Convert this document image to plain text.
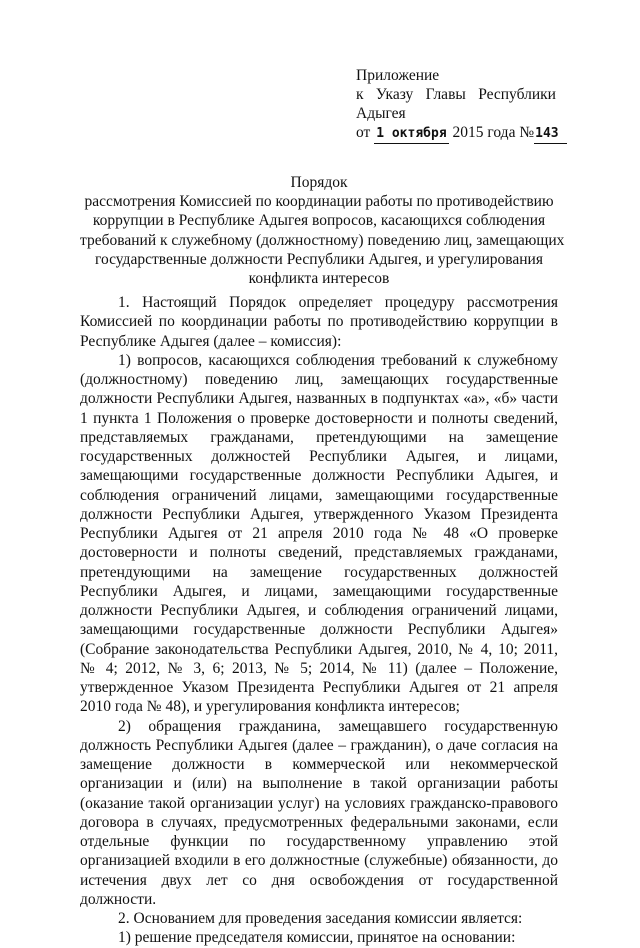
Приложение
к Указу Главы Республики
Адыгея
от 1 октября 2015 года №143
Порядок
рассмотрения Комиссией по координации работы по противодействию
коррупции в Республике Адыгея вопросов, касающихся соблюдения
требований к служебному (должностному) поведению лиц, замещающих
государственные должности Республики Адыгея, и урегулирования
конфликта интересов

1. Настоящий Порядок определяет процедуру рассмотрения Комиссией по координации работы по противодействию коррупции в Республике Адыгея (далее – комиссия):

1) вопросов, касающихся соблюдения требований к служебному (должностному) поведению лиц, замещающих государственные должности Республики Адыгея, названных в подпунктах «а», «б» части 1 пункта 1 Положения о проверке достоверности и полноты сведений, представляемых гражданами, претендующими на замещение государственных должностей Республики Адыгея, и лицами, замещающими государственные должности Республики Адыгея, и соблюдения ограничений лицами, замещающими государственные должности Республики Адыгея, утвержденного Указом Президента Республики Адыгея от 21 апреля 2010 года № 48 «О проверке достоверности и полноты сведений, представляемых гражданами, претендующими на замещение государственных должностей Республики Адыгея, и лицами, замещающими государственные должности Республики Адыгея, и соблюдения ограничений лицами, замещающими государственные должности Республики Адыгея» (Собрание законодательства Республики Адыгея, 2010, № 4, 10; 2011, № 4; 2012, № 3, 6; 2013, № 5; 2014, № 11) (далее – Положение, утвержденное Указом Президента Республики Адыгея от 21 апреля 2010 года № 48), и урегулирования конфликта интересов;

2) обращения гражданина, замещавшего государственную должность Республики Адыгея (далее – гражданин), о даче согласия на замещение должности в коммерческой или некоммерческой организации и (или) на выполнение в такой организации работы (оказание такой организации услуг) на условиях гражданско-правового договора в случаях, предусмотренных федеральными законами, если отдельные функции по государственному управлению этой организацией входили в его должностные (служебные) обязанности, до истечения двух лет со дня освобождения от государственной должности.

2. Основанием для проведения заседания комиссии является:

1) решение председателя комиссии, принятое на основании:
